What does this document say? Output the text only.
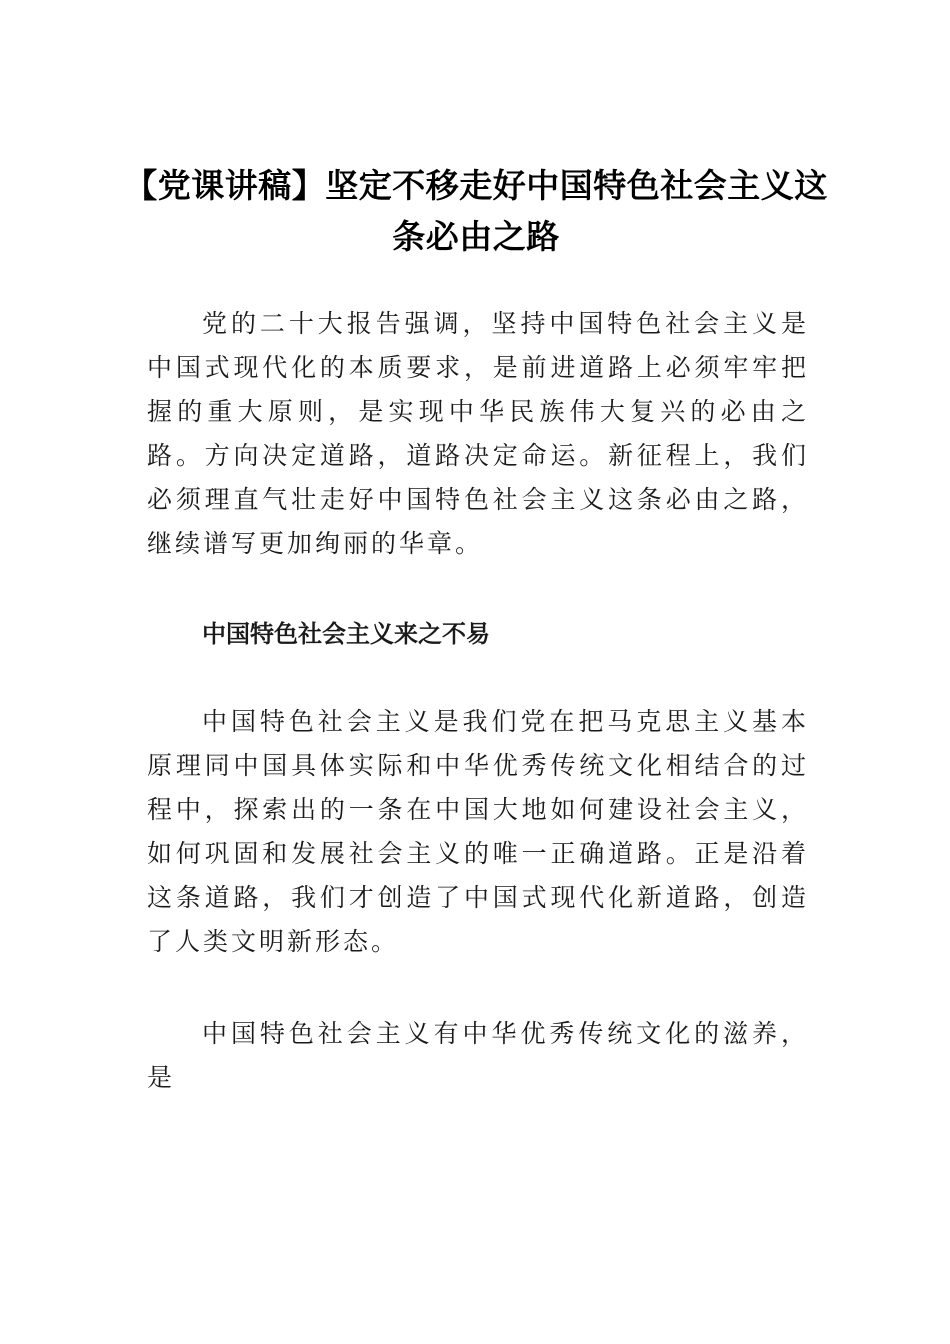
【党课讲稿】坚定不移走好中国特色社会主义这条必由之路

党的二十大报告强调，坚持中国特色社会主义是中国式现代化的本质要求，是前进道路上必须牢牢把握的重大原则，是实现中华民族伟大复兴的必由之路。方向决定道路，道路决定命运。新征程上，我们必须理直气壮走好中国特色社会主义这条必由之路，继续谱写更加绚丽的华章。

中国特色社会主义来之不易

中国特色社会主义是我们党在把马克思主义基本原理同中国具体实际和中华优秀传统文化相结合的过程中，探索出的一条在中国大地如何建设社会主义，如何巩固和发展社会主义的唯一正确道路。正是沿着这条道路，我们才创造了中国式现代化新道路，创造了人类文明新形态。

中国特色社会主义有中华优秀传统文化的滋养，是
